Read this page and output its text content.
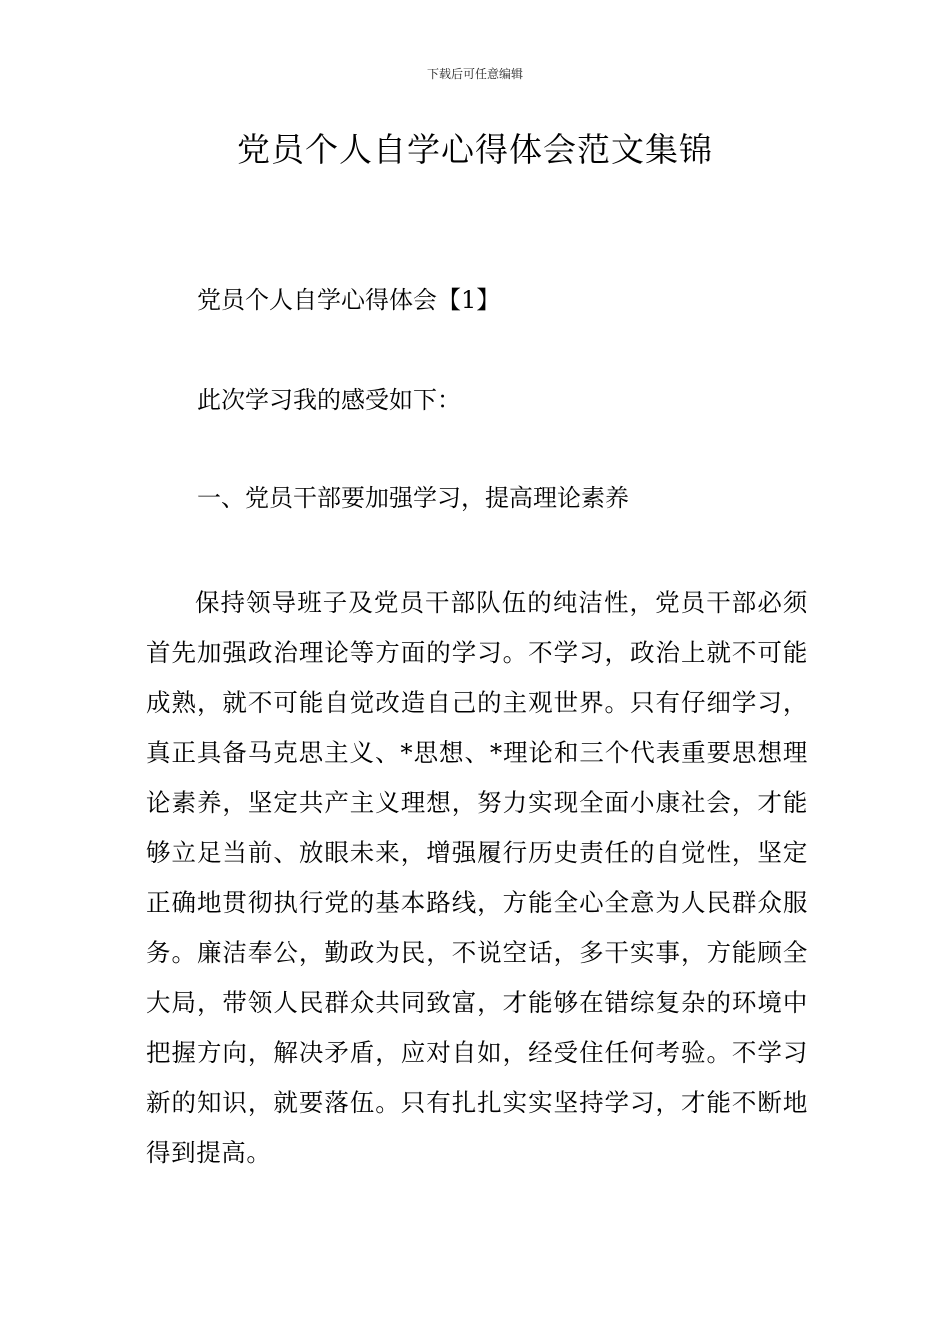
下载后可任意编辑
党员个人自学心得体会范文集锦

党员个人自学心得体会【1】

此次学习我的感受如下：

一、党员干部要加强学习，提高理论素养

保持领导班子及党员干部队伍的纯洁性，党员干部必须首先加强政治理论等方面的学习。不学习，政治上就不可能成熟，就不可能自觉改造自己的主观世界。只有仔细学习，真正具备马克思主义、*思想、*理论和三个代表重要思想理论素养，坚定共产主义理想，努力实现全面小康社会，才能够立足当前、放眼未来，增强履行历史责任的自觉性，坚定正确地贯彻执行党的基本路线，方能全心全意为人民群众服务。廉洁奉公，勤政为民，不说空话，多干实事，方能顾全大局，带领人民群众共同致富，才能够在错综复杂的环境中把握方向，解决矛盾，应对自如，经受住任何考验。不学习新的知识，就要落伍。只有扎扎实实坚持学习，才能不断地得到提高。
